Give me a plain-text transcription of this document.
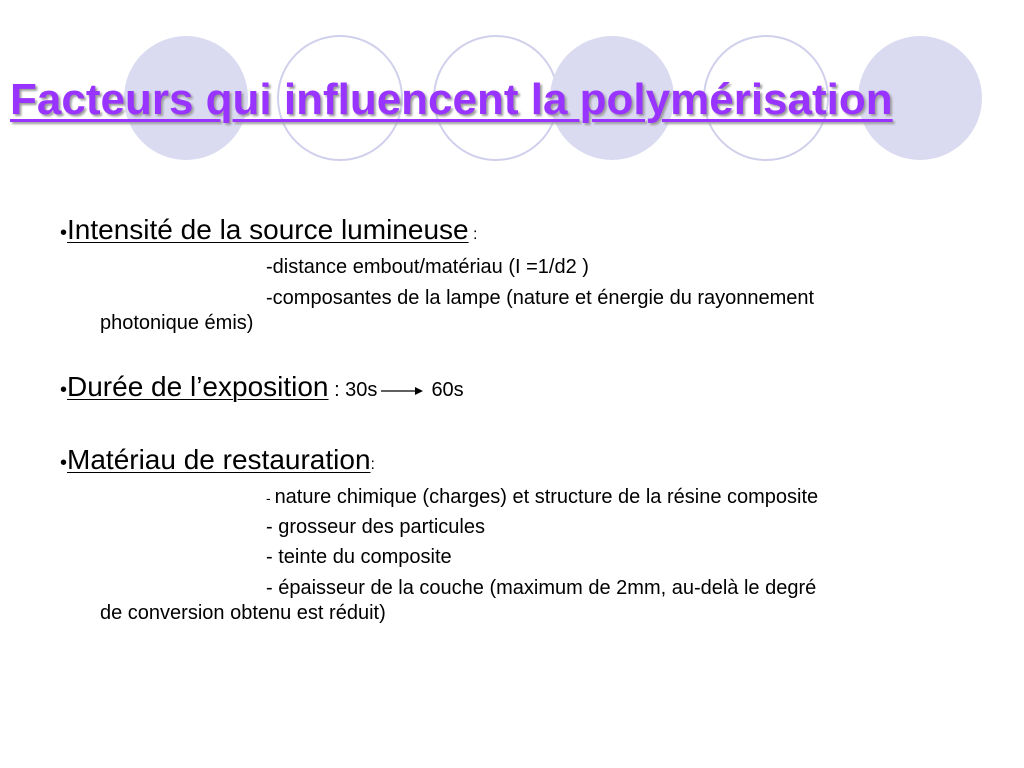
Facteurs qui influencent la polymérisation
•Intensité de la source lumineuse :
-distance embout/matériau (I =1/d2 )
-composantes de la lampe (nature et énergie du rayonnement
photonique émis)
•Durée de l’exposition : 30s	60s
•Matériau de restauration:
- nature chimique (charges) et structure de la résine composite
- grosseur des particules
- teinte du composite
- épaisseur de la couche (maximum de 2mm, au-delà le degré
de conversion obtenu est réduit)
